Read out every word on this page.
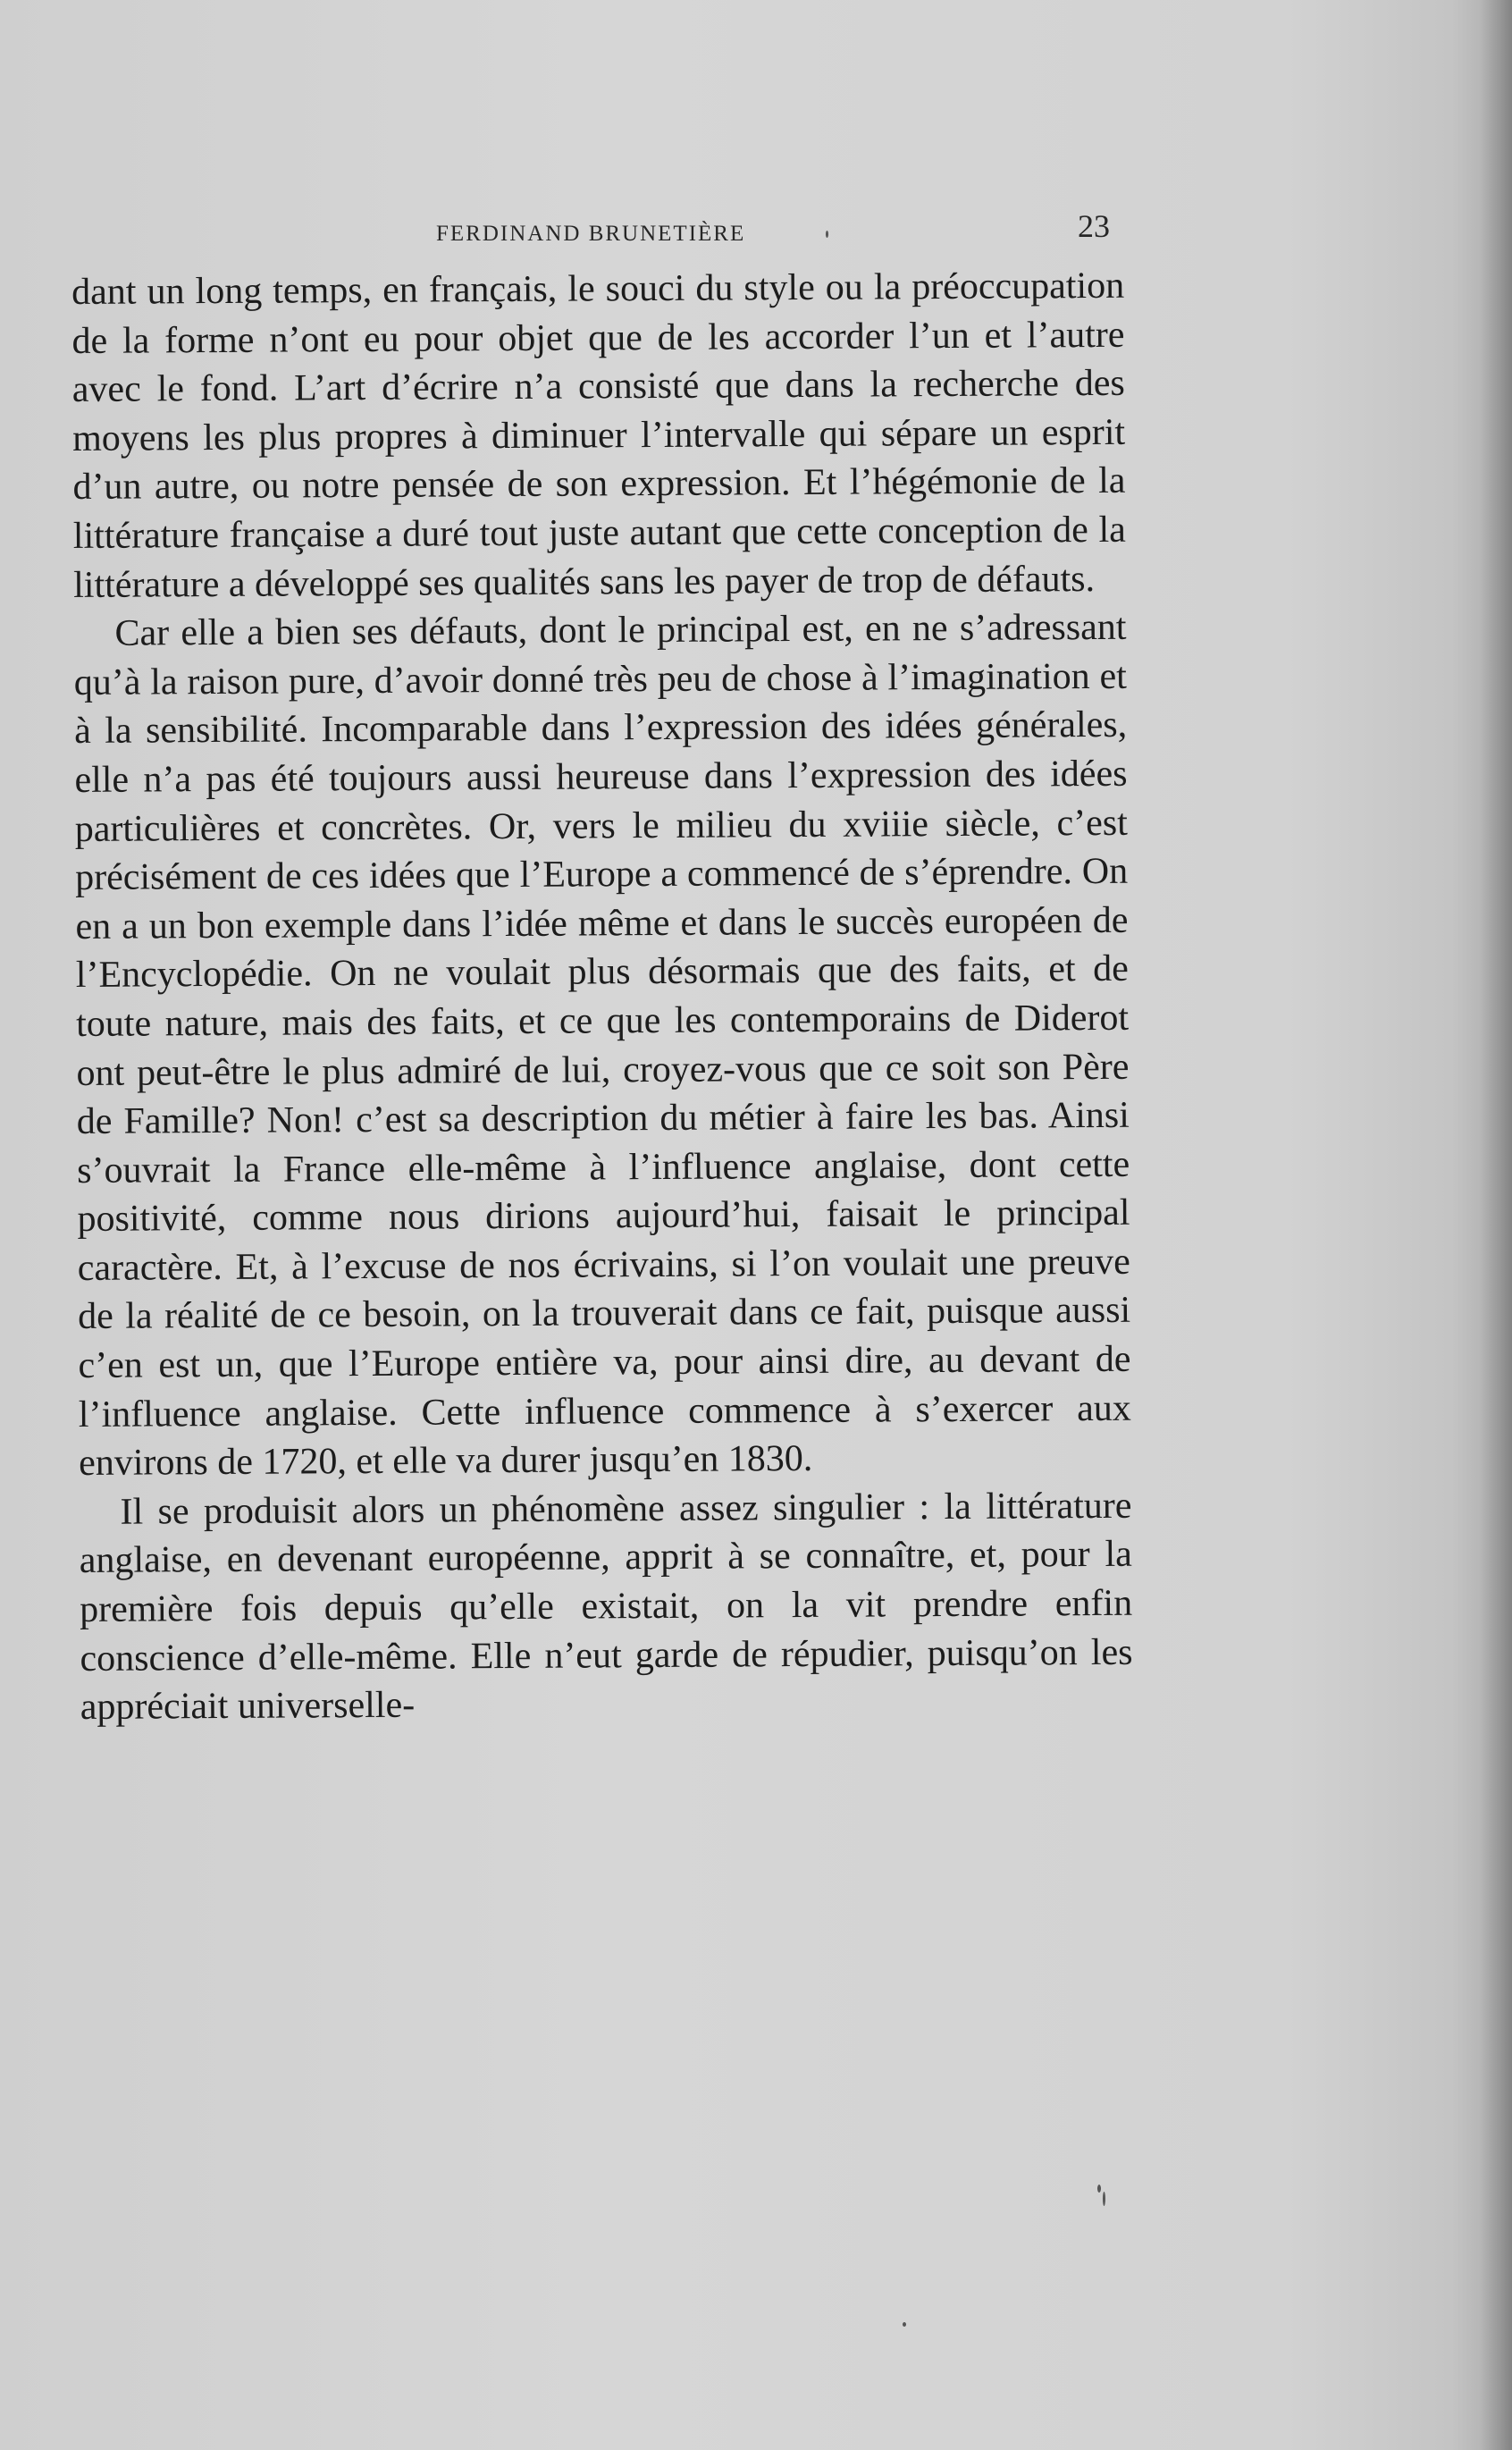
FERDINAND BRUNETIÈRE	23

dant un long temps, en français, le souci du style ou la préoccupation de la forme n’ont eu pour objet que de les accorder l’un et l’autre avec le fond. L’art d’écrire n’a consisté que dans la recherche des moyens les plus propres à diminuer l’intervalle qui sépare un esprit d’un autre, ou notre pensée de son expression. Et l’hégémonie de la littérature française a duré tout juste autant que cette conception de la littérature a développé ses qualités sans les payer de trop de défauts.

Car elle a bien ses défauts, dont le principal est, en ne s’adressant qu’à la raison pure, d’avoir donné très peu de chose à l’imagination et à la sensibilité. Incomparable dans l’expression des idées générales, elle n’a pas été toujours aussi heureuse dans l’expression des idées particulières et concrètes. Or, vers le milieu du xviiie siècle, c’est précisément de ces idées que l’Europe a commencé de s’éprendre. On en a un bon exemple dans l’idée même et dans le succès européen de l’Encyclopédie. On ne voulait plus désormais que des faits, et de toute nature, mais des faits, et ce que les contemporains de Diderot ont peut-être le plus admiré de lui, croyez-vous que ce soit son Père de Famille? Non! c’est sa description du métier à faire les bas. Ainsi s’ouvrait la France elle-même à l’influence anglaise, dont cette positivité, comme nous dirions aujourd’hui, faisait le principal caractère. Et, à l’excuse de nos écrivains, si l’on voulait une preuve de la réalité de ce besoin, on la trouverait dans ce fait, puisque aussi c’en est un, que l’Europe entière va, pour ainsi dire, au devant de l’influence anglaise. Cette influence commence à s’exercer aux environs de 1720, et elle va durer jusqu’en 1830.

Il se produisit alors un phénomène assez singulier : la littérature anglaise, en devenant européenne, apprit à se connaître, et, pour la première fois depuis qu’elle existait, on la vit prendre enfin conscience d’elle-même. Elle n’eut garde de répudier, puisqu’on les appréciait universelle-
